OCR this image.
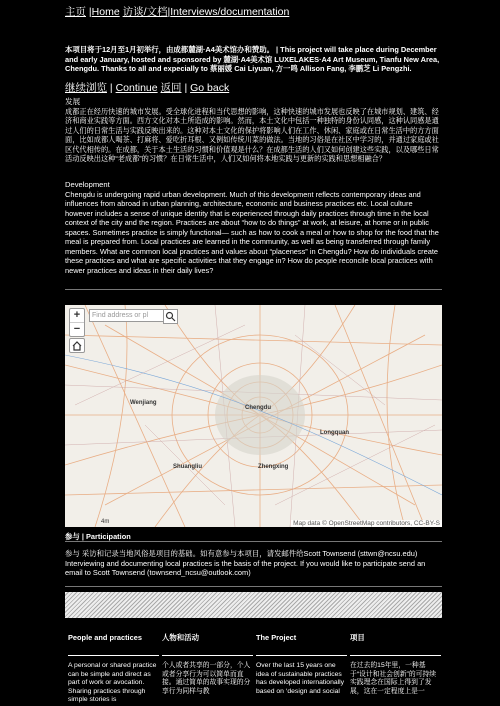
主页 |Home 访谈/文档|Interviews/documentation
本项目将于12月至1月初举行，由成都麓湖·A4美术馆办和赞助。 | This project will take place during December and early January, hosted and sponsored by 麓湖·A4美术馆 LUXELAKES·A4 Art Museum, Tianfu New Area, Chengdu. Thanks to all and expecially to 蔡丽媛 Cai Liyuan, 方一鸣 Allison Fang, 李鹏芝 Li Pengzhi.
继续浏览 | Continue 返回 | Go back
发展
成都正在经历快速的城市发展。受全球化进程和当代思想的影响，这种快速的城市发展也反映了在城市规划、建筑、经济和商业实践等方面。西方文化对本土所造成的影响。然而，本土文化中包括一种独特的身份认同感，这种认同感是通过人们的日常生活与实践反映出来的。这种对本土文化的保护将影响人们在工作、休闲、家庭或在日常生活中的方方面面，比如成都人喝茶、打麻将、爱吃折耳根、又例如传统川菜的做法。当地的习俗是在社区中学习的，并通过家庭或社区代代相传的。在成都，关于本土生活的习惯和价值观是什么？在成都生活的人们又如何创建这些实践，以及哪些日常活动反映出这种“老成都”的习惯？在日常生活中，人们又如何将本地实践与更新的实践和思想相融合？
Development
Chengdu is undergoing rapid urban development. Much of this development reflects contemporary ideas and influences from abroad in urban planning, architecture, economic and business practices etc. Local culture however includes a sense of unique identity that is experienced through daily practices through time in the local context of the city and the region. Practices are about “how to do things” at work, at leisure, at home or in public spaces. Sometimes practice is simply functional— such as how to cook a meal or how to shop for the food that the meal is prepared from. Local practices are learned in the community, as well as being transferred through family members. What are common local practices and values about “placeness” in Chengdu? How do individuals create these practices and what are specific activities that they engage in? How do people reconcile local practices with newer practices and ideas in their daily lives?
Chengdu
Shuangliu	Zhengxing
Longquan
Wenjiang
+
−
Find address or pl
4m	Map data © OpenStreetMap contributors, CC-BY-S
参与 | Participation
参与 采访和记录当地风俗是项目的基础。如有意参与本项目，请发邮件给Scott Townsend (sttwn@ncsu.edu) Interviewing and documenting local practices is the basis of the project. If you would like to participate send an email to Scott Townsend (townsend_ncsu@outlook.com)
People and practices
A personal or shared practice can be simple and direct as part of work or avocation. Sharing practices through simple stories is
人物和活动
个人或者共享的一部分，个人或者分享行为可以简单而直接。通过简单的故事实现的分享行为同样与教
The Project
Over the last 15 years one idea of sustainable practices has developed internationally based on ‘design and social
项目
在过去的15年里，一种基于“设计和社会创新”的可持续实践理念在国际上得到了发展，这在一定程度上是一
